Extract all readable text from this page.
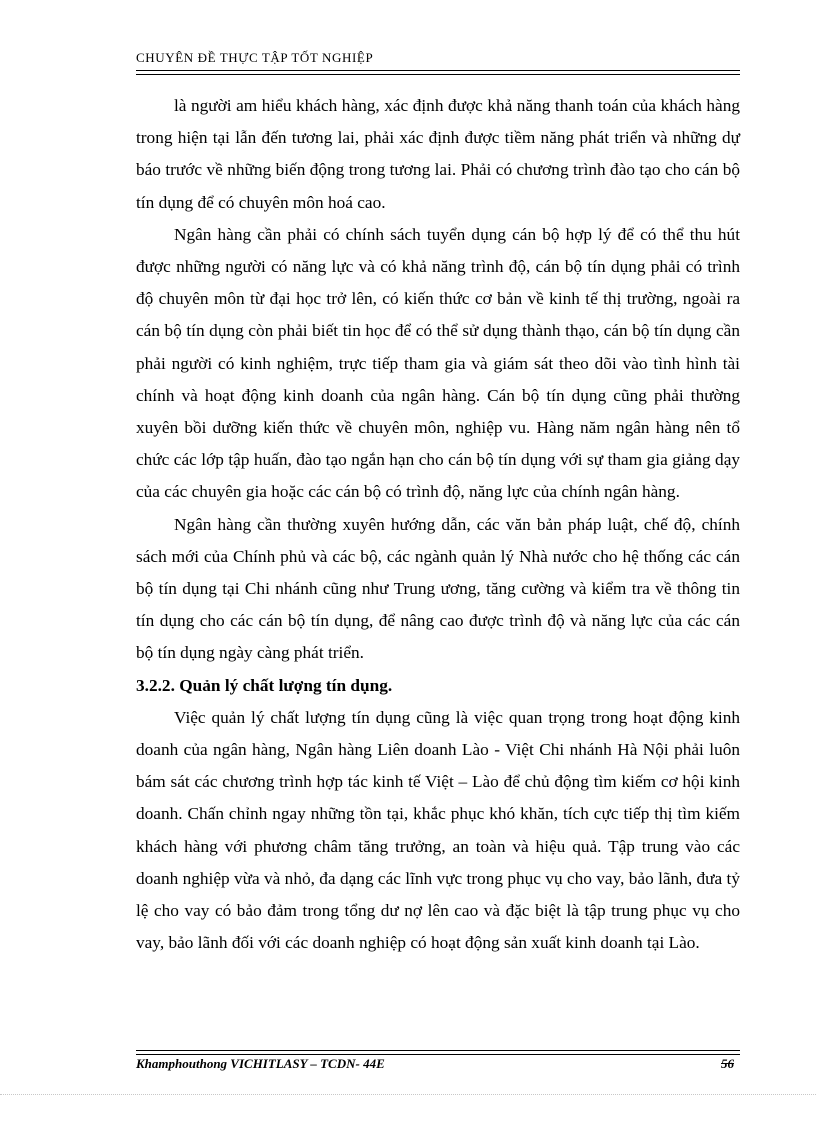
CHUYÊN ĐỀ THỰC TẬP TỐT NGHIỆP

là người am hiểu khách hàng, xác định được khả năng thanh toán của khách hàng trong hiện tại lẫn đến tương lai, phải xác định được tiềm năng phát triển và những dự báo trước về những biến động trong tương lai. Phải có chương trình đào tạo cho cán bộ tín dụng để có chuyên môn hoá cao.

Ngân hàng cần phải có chính sách tuyển dụng cán bộ hợp lý để có thể thu hút được những người có năng lực và có khả năng trình độ, cán bộ tín dụng phải có trình độ chuyên môn từ đại học trở lên, có kiến thức cơ bản về kinh tế thị trường, ngoài ra cán bộ tín dụng còn phải biết tin học để có thể sử dụng thành thạo, cán bộ tín dụng cần phải người có kinh nghiệm, trực tiếp tham gia và giám sát theo dõi vào tình hình tài chính và hoạt động kinh doanh của ngân hàng. Cán bộ tín dụng cũng phải thường xuyên bồi dưỡng kiến thức về chuyên môn, nghiệp vu. Hàng năm ngân hàng nên tổ chức các lớp tập huấn, đào tạo ngắn hạn cho cán bộ tín dụng với sự tham gia giảng dạy của các chuyên gia hoặc các cán bộ có trình độ, năng lực của chính ngân hàng.

Ngân hàng cần thường xuyên hướng dẫn, các văn bản pháp luật, chế độ, chính sách mới của Chính phủ và các bộ, các ngành quản lý Nhà nước cho hệ thống các cán bộ tín dụng tại Chi nhánh cũng như Trung ương, tăng cường và kiểm tra về thông tin tín dụng cho các cán bộ tín dụng, để nâng cao được trình độ và năng lực của các cán bộ tín dụng ngày càng phát triển.

3.2.2. Quản lý chất lượng tín dụng.

Việc quản lý chất lượng tín dụng cũng là việc quan trọng trong hoạt động kinh doanh của ngân hàng, Ngân hàng Liên doanh Lào - Việt Chi nhánh Hà Nội phải luôn bám sát các chương trình hợp tác kinh tế Việt – Lào để chủ động tìm kiếm cơ hội kinh doanh. Chấn chỉnh ngay những tồn tại, khắc phục khó khăn, tích cực tiếp thị tìm kiếm khách hàng với phương châm tăng trưởng, an toàn và hiệu quả. Tập trung vào các doanh nghiệp vừa và nhỏ, đa dạng các lĩnh vực trong phục vụ cho vay, bảo lãnh, đưa tỷ lệ cho vay có bảo đảm trong tổng dư nợ lên cao và đặc biệt là tập trung phục vụ cho vay, bảo lãnh đối với các doanh nghiệp có hoạt động sản xuất kinh doanh tại Lào.

Khamphouthong VICHITLASY – TCDN- 44E	56
